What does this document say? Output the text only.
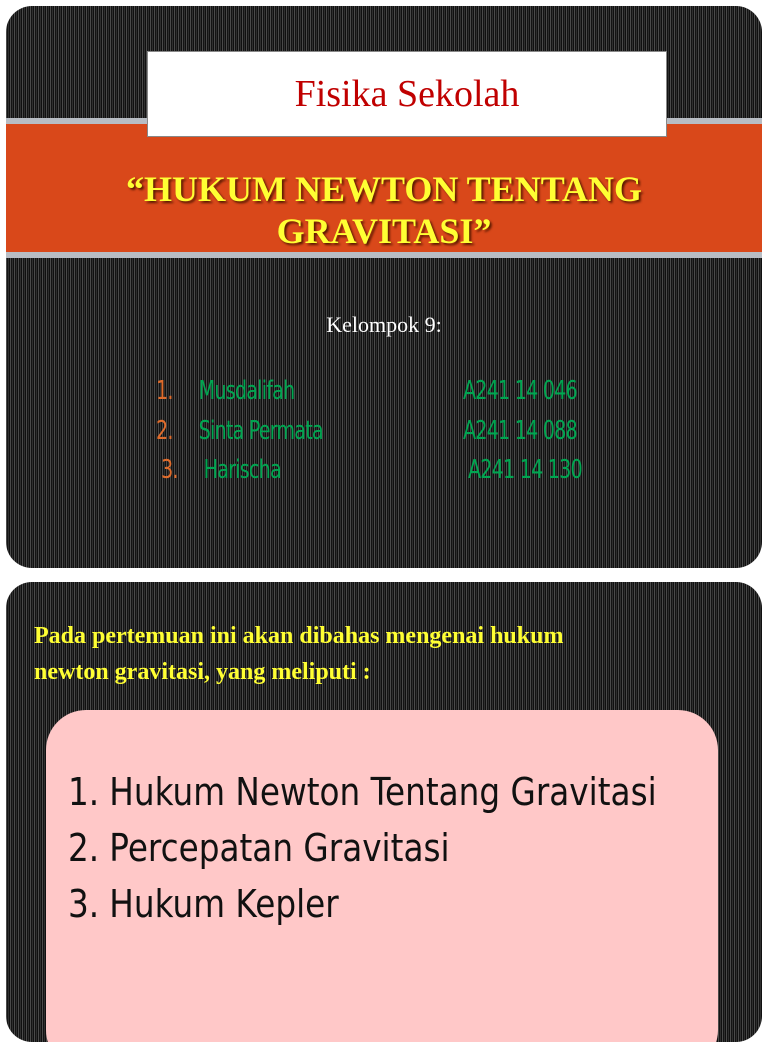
“HUKUM NEWTON TENTANG
GRAVITASI”
Fisika Sekolah
Kelompok 9:
1. Musdalifah	A241 14 046
2. Sinta Permata	A241 14 088
3. Harischa	A241 14 130
Pada pertemuan ini akan dibahas mengenai hukum
newton gravitasi, yang meliputi :
1. Hukum Newton Tentang Gravitasi
2. Percepatan Gravitasi
3. Hukum Kepler
